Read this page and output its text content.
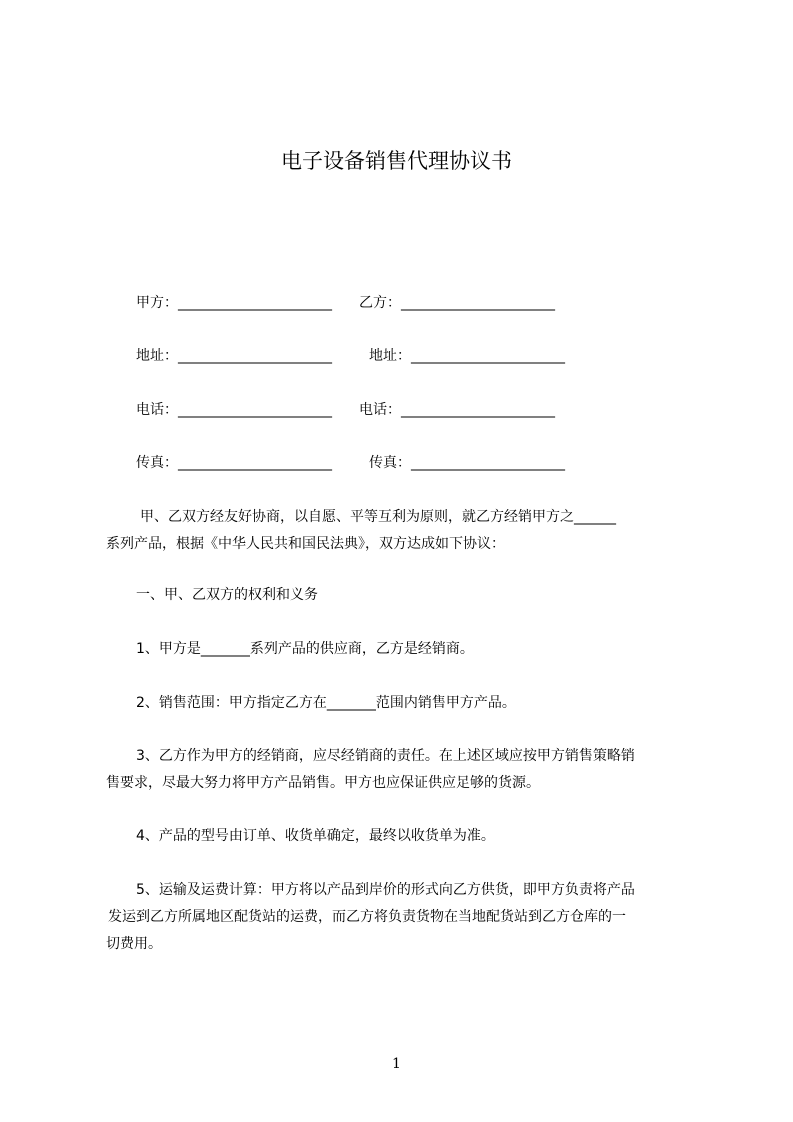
电子设备销售代理协议书
甲方：______________________ 乙方：______________________
地址：______________________	地址：______________________
电话：______________________ 电话：______________________
传真：______________________	传真：______________________
甲、乙双方经友好协商，以自愿、平等互利为原则，就乙方经销甲方之______
系列产品，根据《中华人民共和国民法典》，双方达成如下协议：
一、甲、乙双方的权利和义务
1、甲方是_______系列产品的供应商，乙方是经销商。
2、销售范围：甲方指定乙方在_______范围内销售甲方产品。
3、乙方作为甲方的经销商，应尽经销商的责任。在上述区域应按甲方销售策略销
售要求，尽最大努力将甲方产品销售。甲方也应保证供应足够的货源。
4、产品的型号由订单、收货单确定，最终以收货单为准。
5、运输及运费计算：甲方将以产品到岸价的形式向乙方供货，即甲方负责将产品
发运到乙方所属地区配货站的运费，而乙方将负责货物在当地配货站到乙方仓库的一
切费用。
1
